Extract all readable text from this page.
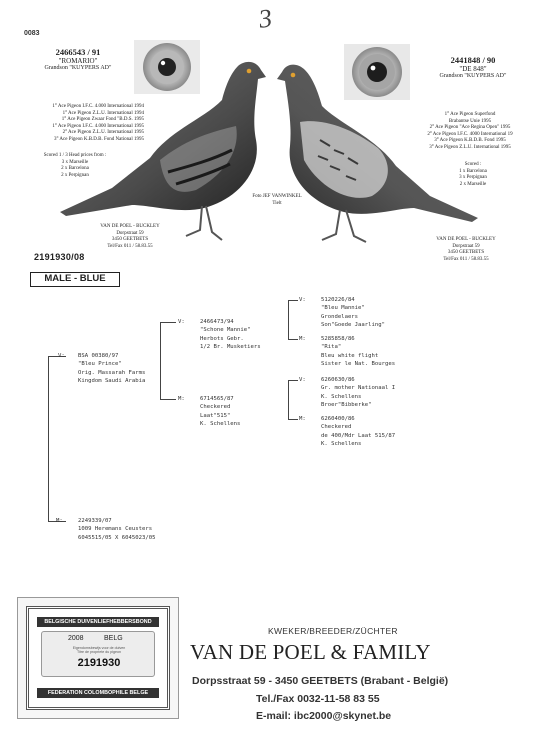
0083	3
2466543 / 91
"ROMARIO"
Grandson "KUYPERS AD"
1° Ace Pigeon I.F.C. 4.000 International 1994
1° Ace Pigeon Z.L.U. International 1994
1° Ace Pigeon Zwaar Fond "B.D.S. 1995
1° Ace Pigeon I.F.C. 4.000 International 1995
2° Ace Pigeon Z.L.U. International 1995
3° Ace Pigeon K.B.D.B. Fond National 1995
Scored 1 / 3 Head prices from :
3 x Marseille
2 x Barcelona
2 x Perpignan
VAN DE POEL - BUCKLEY
Dorpstraat 59
3450 GEETBETS
Tel/Fax 011 / 58.83.55
2441848 / 90
"DE 848"
Grandson "KUYPERS AD"
1° Ace Pigeon Superfond
Brabantse Unie 1995
2° Ace Pigeon "Ace Regina Open" 1995
2° Ace Pigeon I.F.C. 4000 International 19
3° Ace Pigeon K.B.D.B. Fond 1995
3° Ace Pigeon Z.L.U. International 1995
Scored :
1 x Barcelona
3 x Perpignan
2 x Marseille
VAN DE POEL - BUCKLEY
Dorpstraat 59
3450 GEETBETS
Tel/Fax 011 / 58.83.55
Foto JEF VANWINKEL
Tielt
2191930/08
MALE - BLUE
V: BSA 00380/97
"Bleu Prince"
Orig. Massarah Farms
Kingdom Saudi Arabia
M:	2249339/07
1009 Heremans Ceusters
6045515/05 X 6045023/05
V:	2466473/94
"Schone Mannie"
Herbots Gebr.
1/2 Br. Musketiers
M:	6714565/87
Checkered
Laat"515"
K. Schellens
V:	5120226/84
"Bleu Mannie"
Grondelaers
Son"Goede Jaarling"
M:	5285858/86
"Rita"
Bleu white flight
Sister le Nat. Bourges
V:	6260630/86
Gr. mother Nationaal I
K. Schellens
Broer"Bibberke"
M:	6260400/86
Checkered
de 400/Mdr Laat 515/87
K. Schellens
BELGISCHE DUIVENLIEFHEBBERSBOND
2008	BELG
Eigendomsbewijs voor de duiven
Titre de propriete du pigeon
2191930
FEDERATION COLOMBOPHILE BELGE
KWEKER/BREEDER/ZÜCHTER
VAN DE POEL & FAMILY
Dorpsstraat 59 - 3450 GEETBETS (Brabant - België)
Tel./Fax 0032-11-58 83 55
E-mail: ibc2000@skynet.be
